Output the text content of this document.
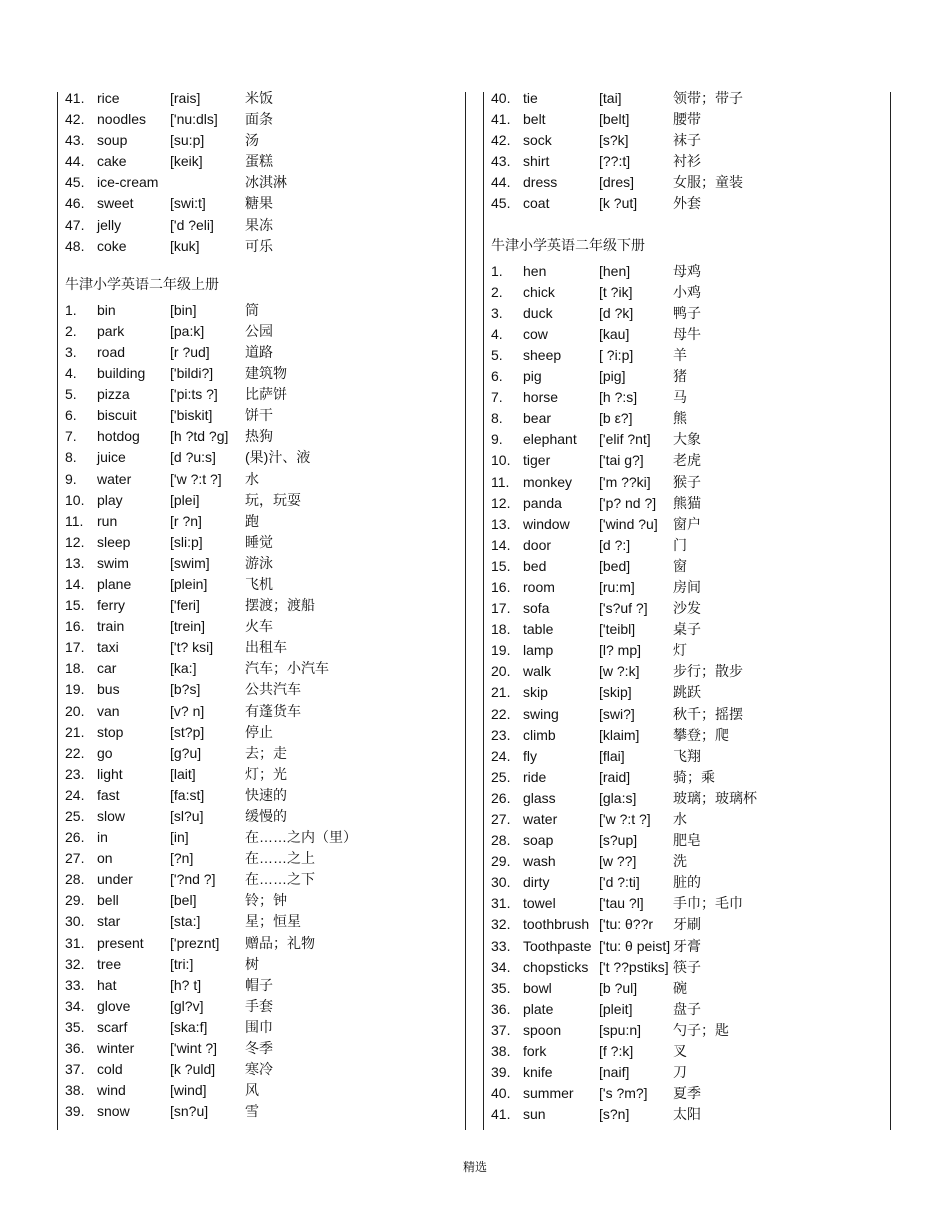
41. rice	[rais]	米饭
42. noodles ['nu:dls] 面条
43. soup	[su:p]	汤
44. cake	[keik]	蛋糕
45. ice-cream	冰淇淋
46. sweet	[swi:t]	糖果
47. jelly	['d ?eli] 果冻
48. coke	[kuk]	可乐
牛津小学英语二年级上册
1. bin	[bin]	筒
2. park	[pa:k]	公园
3. road	[r ?ud]	道路
4. building ['bildi?] 建筑物
5. pizza	['pi:ts ?] 比萨饼
6. biscuit ['biskit] 饼干
7. hotdog [h ?td ?g] 热狗
8. juice	[d ?u:s] (果)汁、液
9. water	['w ?:t ?] 水
10. play	[plei]	玩，玩耍
11. run	[r ?n]	跑
12. sleep	[sli:p]	睡觉
13. swim	[swim]	游泳
14. plane	[plein]	飞机
15. ferry	['feri]	摆渡；渡船
16. train	[trein]	火车
17. taxi	['t? ksi] 出租车
18. car	[ka:]	汽车；小汽车
19. bus	[b?s]	公共汽车
20. van	[v? n]	有蓬货车
21. stop	[st?p]	停止
22. go	[g?u]	去；走
23. light	[lait]	灯；光
24. fast	[fa:st]	快速的
25. slow	[sl?u]	缓慢的
26. in	[in]	在……之内（里）
27. on	[?n]	在……之上
28. under	['?nd ?] 在……之下
29. bell	[bel]	铃；钟
30. star	[sta:]	星；恒星
31. present ['preznt] 赠品；礼物
32. tree	[tri:]	树
33. hat	[h? t]	帽子
34. glove	[gl?v]	手套
35. scarf	[ska:f]	围巾
36. winter	['wint ?] 冬季
37. cold	[k ?uld] 寒冷
38. wind	[wind]	风
39. snow	[sn?u]	雪
40. tie	[tai]	领带；带子
41. belt	[belt]	腰带
42. sock	[s?k]	袜子
43. shirt	[??:t]	衬衫
44. dress	[dres]	女服；童装
45. coat	[k ?ut]	外套
牛津小学英语二年级下册
1. hen	[hen]	母鸡
2. chick	[t ?ik]	小鸡
3. duck	[d ?k]	鸭子
4. cow	[kau]	母牛
5. sheep	[ ?i:p]	羊
6. pig	[pig]	猪
7. horse	[h ?:s]	马
8. bear	[b ε?]	熊
9. elephant ['elif ?nt] 大象
10. tiger	['tai g?] 老虎
11. monkey ['m ??ki] 猴子
12. panda	['p? nd ?] 熊猫
13. window ['wind ?u] 窗户
14. door	[d ?:]	门
15. bed	[bed]	窗
16. room	[ru:m]	房间
17. sofa	['s?uf ?] 沙发
18. table	['teibl]	桌子
19. lamp	[l? mp] 灯
20. walk	[w ?:k] 步行；散步
21. skip	[skip]	跳跃
22. swing	[swi?]	秋千；摇摆
23. climb	[klaim] 攀登；爬
24. fly	[flai]	飞翔
25. ride	[raid]	骑；乘
26. glass	[gla:s]	玻璃；玻璃杯
27. water	['w ?:t ?] 水
28. soap	[s?up]	肥皂
29. wash	[w ??]	洗
30. dirty	['d ?:ti] 脏的
31. towel	['tau ?l] 手巾；毛巾
32. toothbrush ['tu: θ??r 牙刷
33. Toothpaste ['tu: θ peist] 牙膏
34. chopsticks ['t ??pstiks] 筷子
35. bowl	[b ?ul]	碗
36. plate	[pleit]	盘子
37. spoon	[spu:n] 勺子；匙
38. fork	[f ?:k]	叉
39. knife	[naif]	刀
40. summer ['s ?m?] 夏季
41. sun	[s?n]	太阳
精选
